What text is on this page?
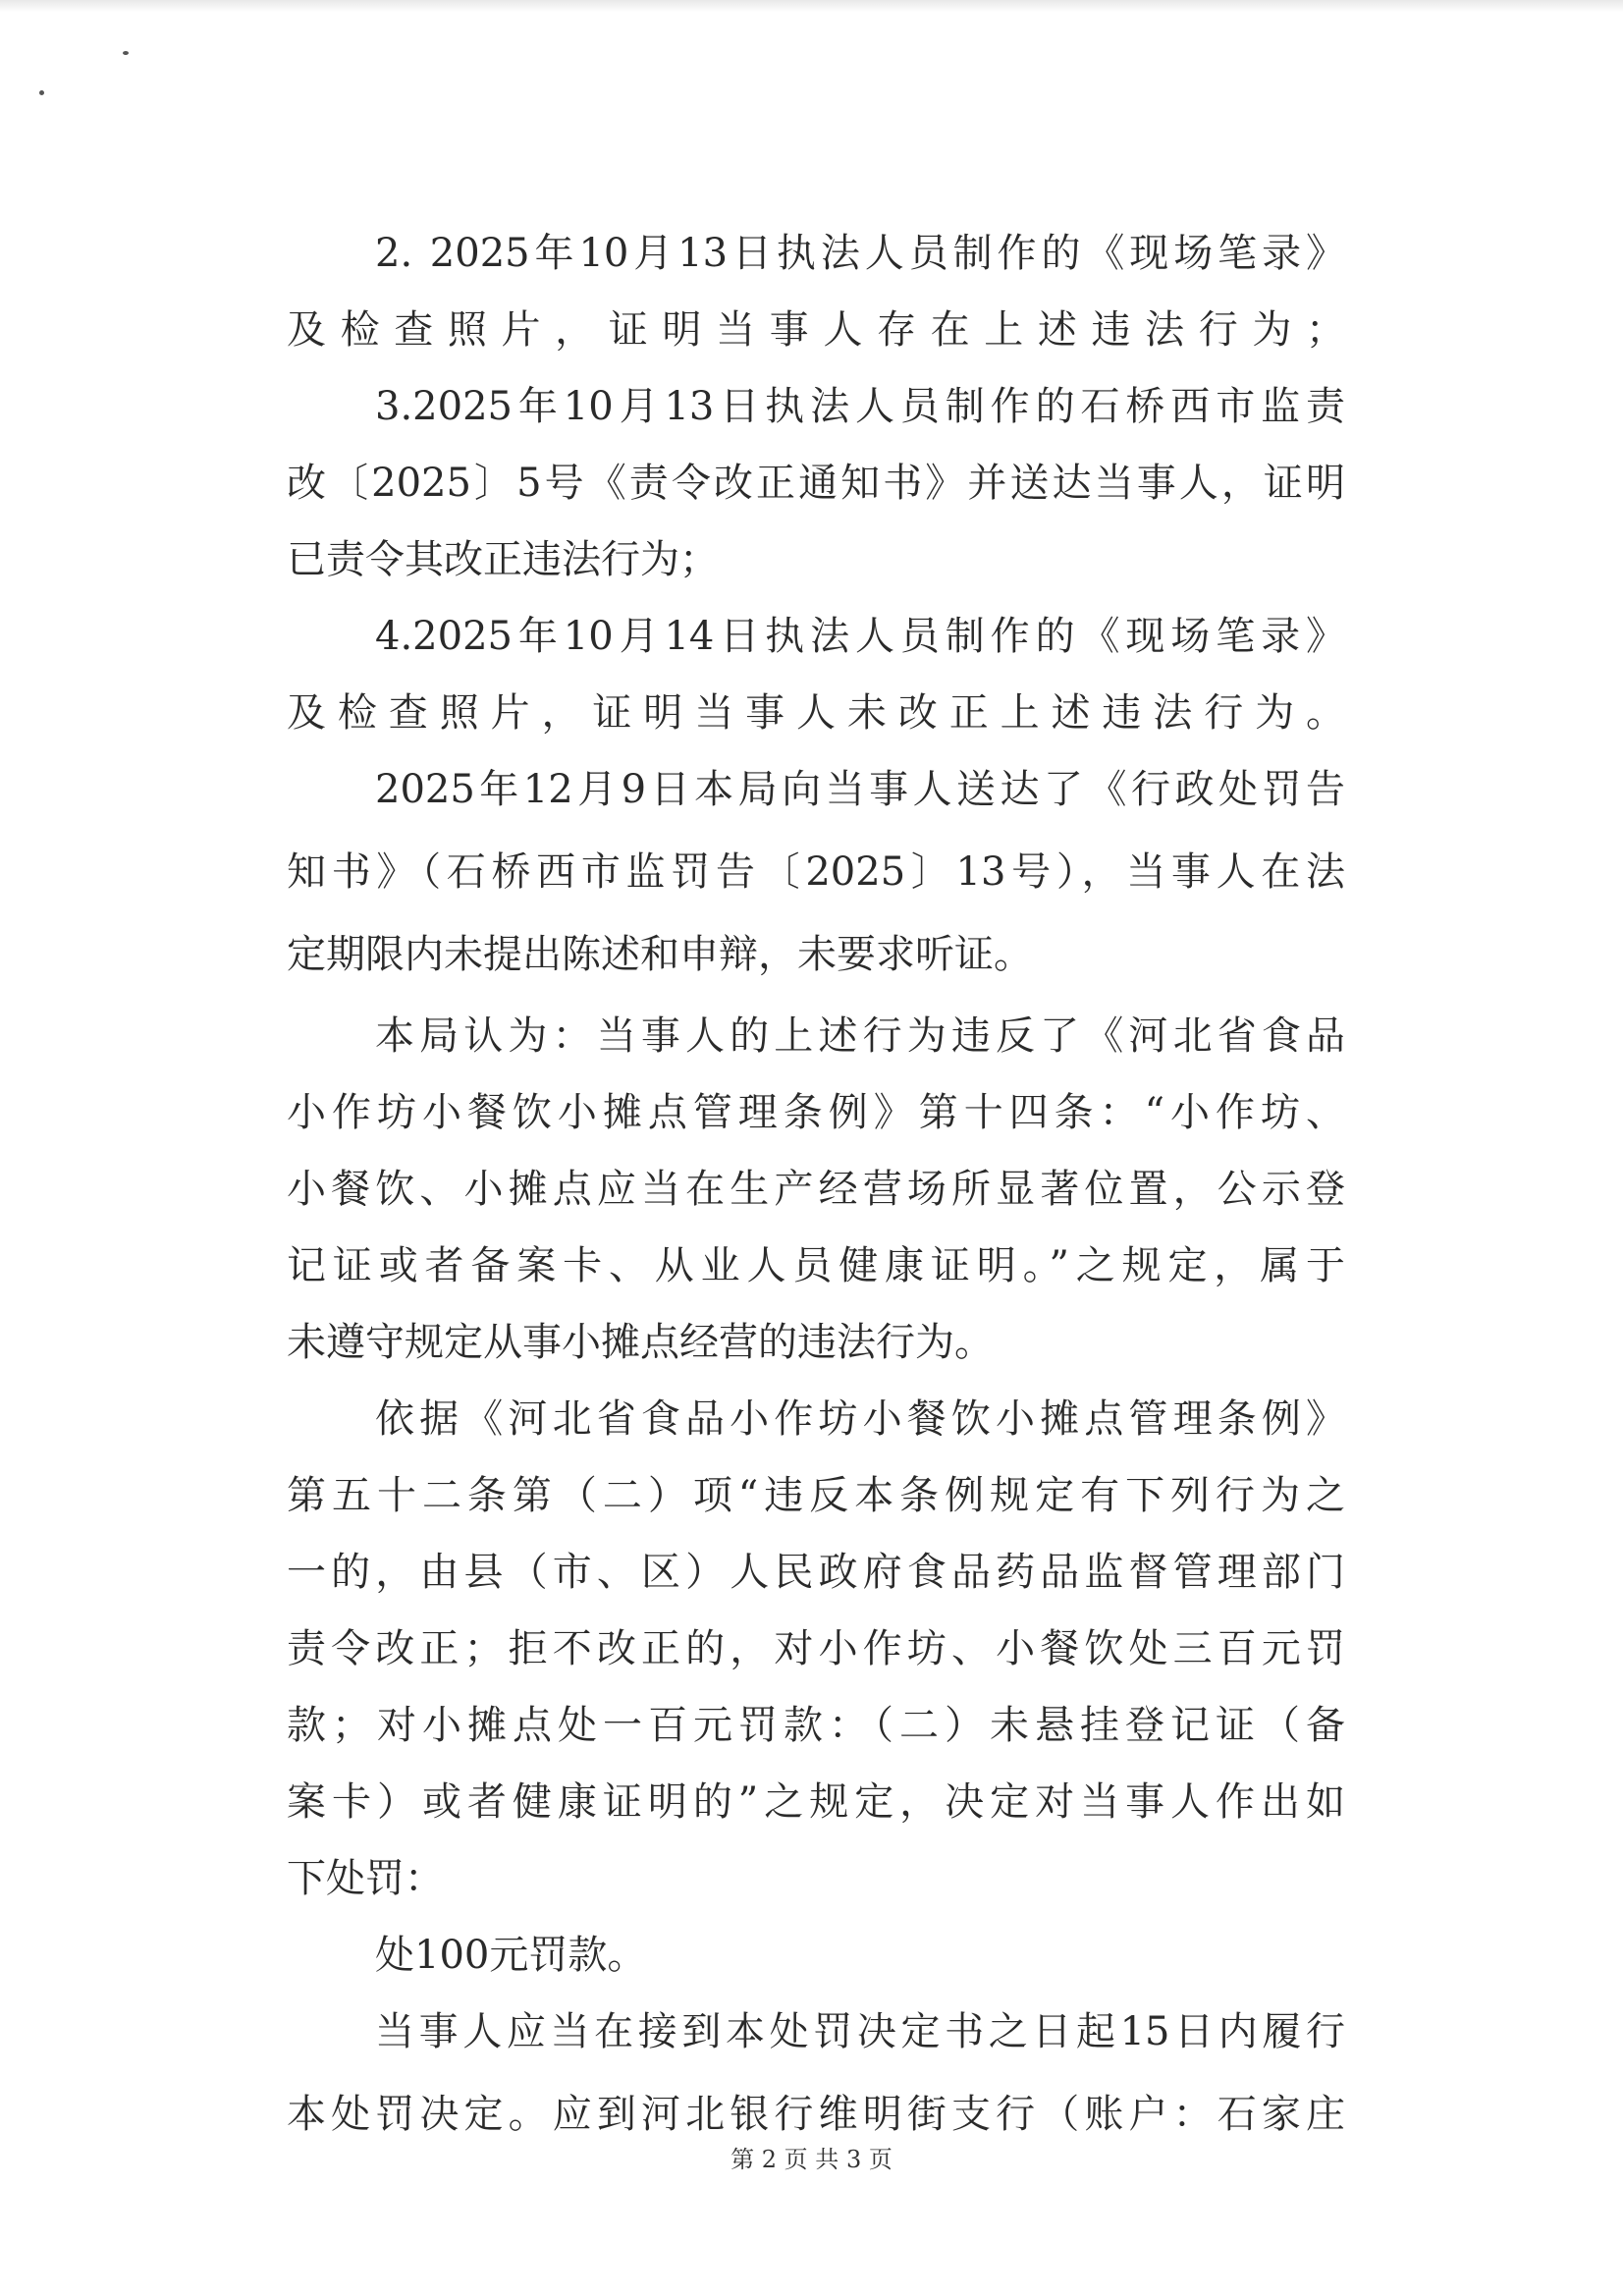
2. 2025年10月13日执法人员制作的《现场笔录》
及检查照片，证明当事人存在上述违法行为；
3.2025年10月13日执法人员制作的石桥西市监责
改〔2025〕5号《责令改正通知书》并送达当事人，证明
已责令其改正违法行为；
4.2025年10月14日执法人员制作的《现场笔录》
及检查照片，证明当事人未改正上述违法行为。
2025年12月9日本局向当事人送达了《行政处罚告
知书》（石桥西市监罚告〔2025〕13号），当事人在法
定期限内未提出陈述和申辩，未要求听证。
本局认为：当事人的上述行为违反了《河北省食品
小作坊小餐饮小摊点管理条例》第十四条：“小作坊、
小餐饮、小摊点应当在生产经营场所显著位置，公示登
记证或者备案卡、从业人员健康证明。”之规定，属于
未遵守规定从事小摊点经营的违法行为。
依据《河北省食品小作坊小餐饮小摊点管理条例》
第五十二条第（二）项“违反本条例规定有下列行为之
一的，由县（市、区）人民政府食品药品监督管理部门
责令改正；拒不改正的，对小作坊、小餐饮处三百元罚
款；对小摊点处一百元罚款：（二）未悬挂登记证（备
案卡）或者健康证明的”之规定，决定对当事人作出如
下处罚：
处100元罚款。
当事人应当在接到本处罚决定书之日起15日内履行
本处罚决定。应到河北银行维明街支行（账户：石家庄
第 2 页 共 3 页
